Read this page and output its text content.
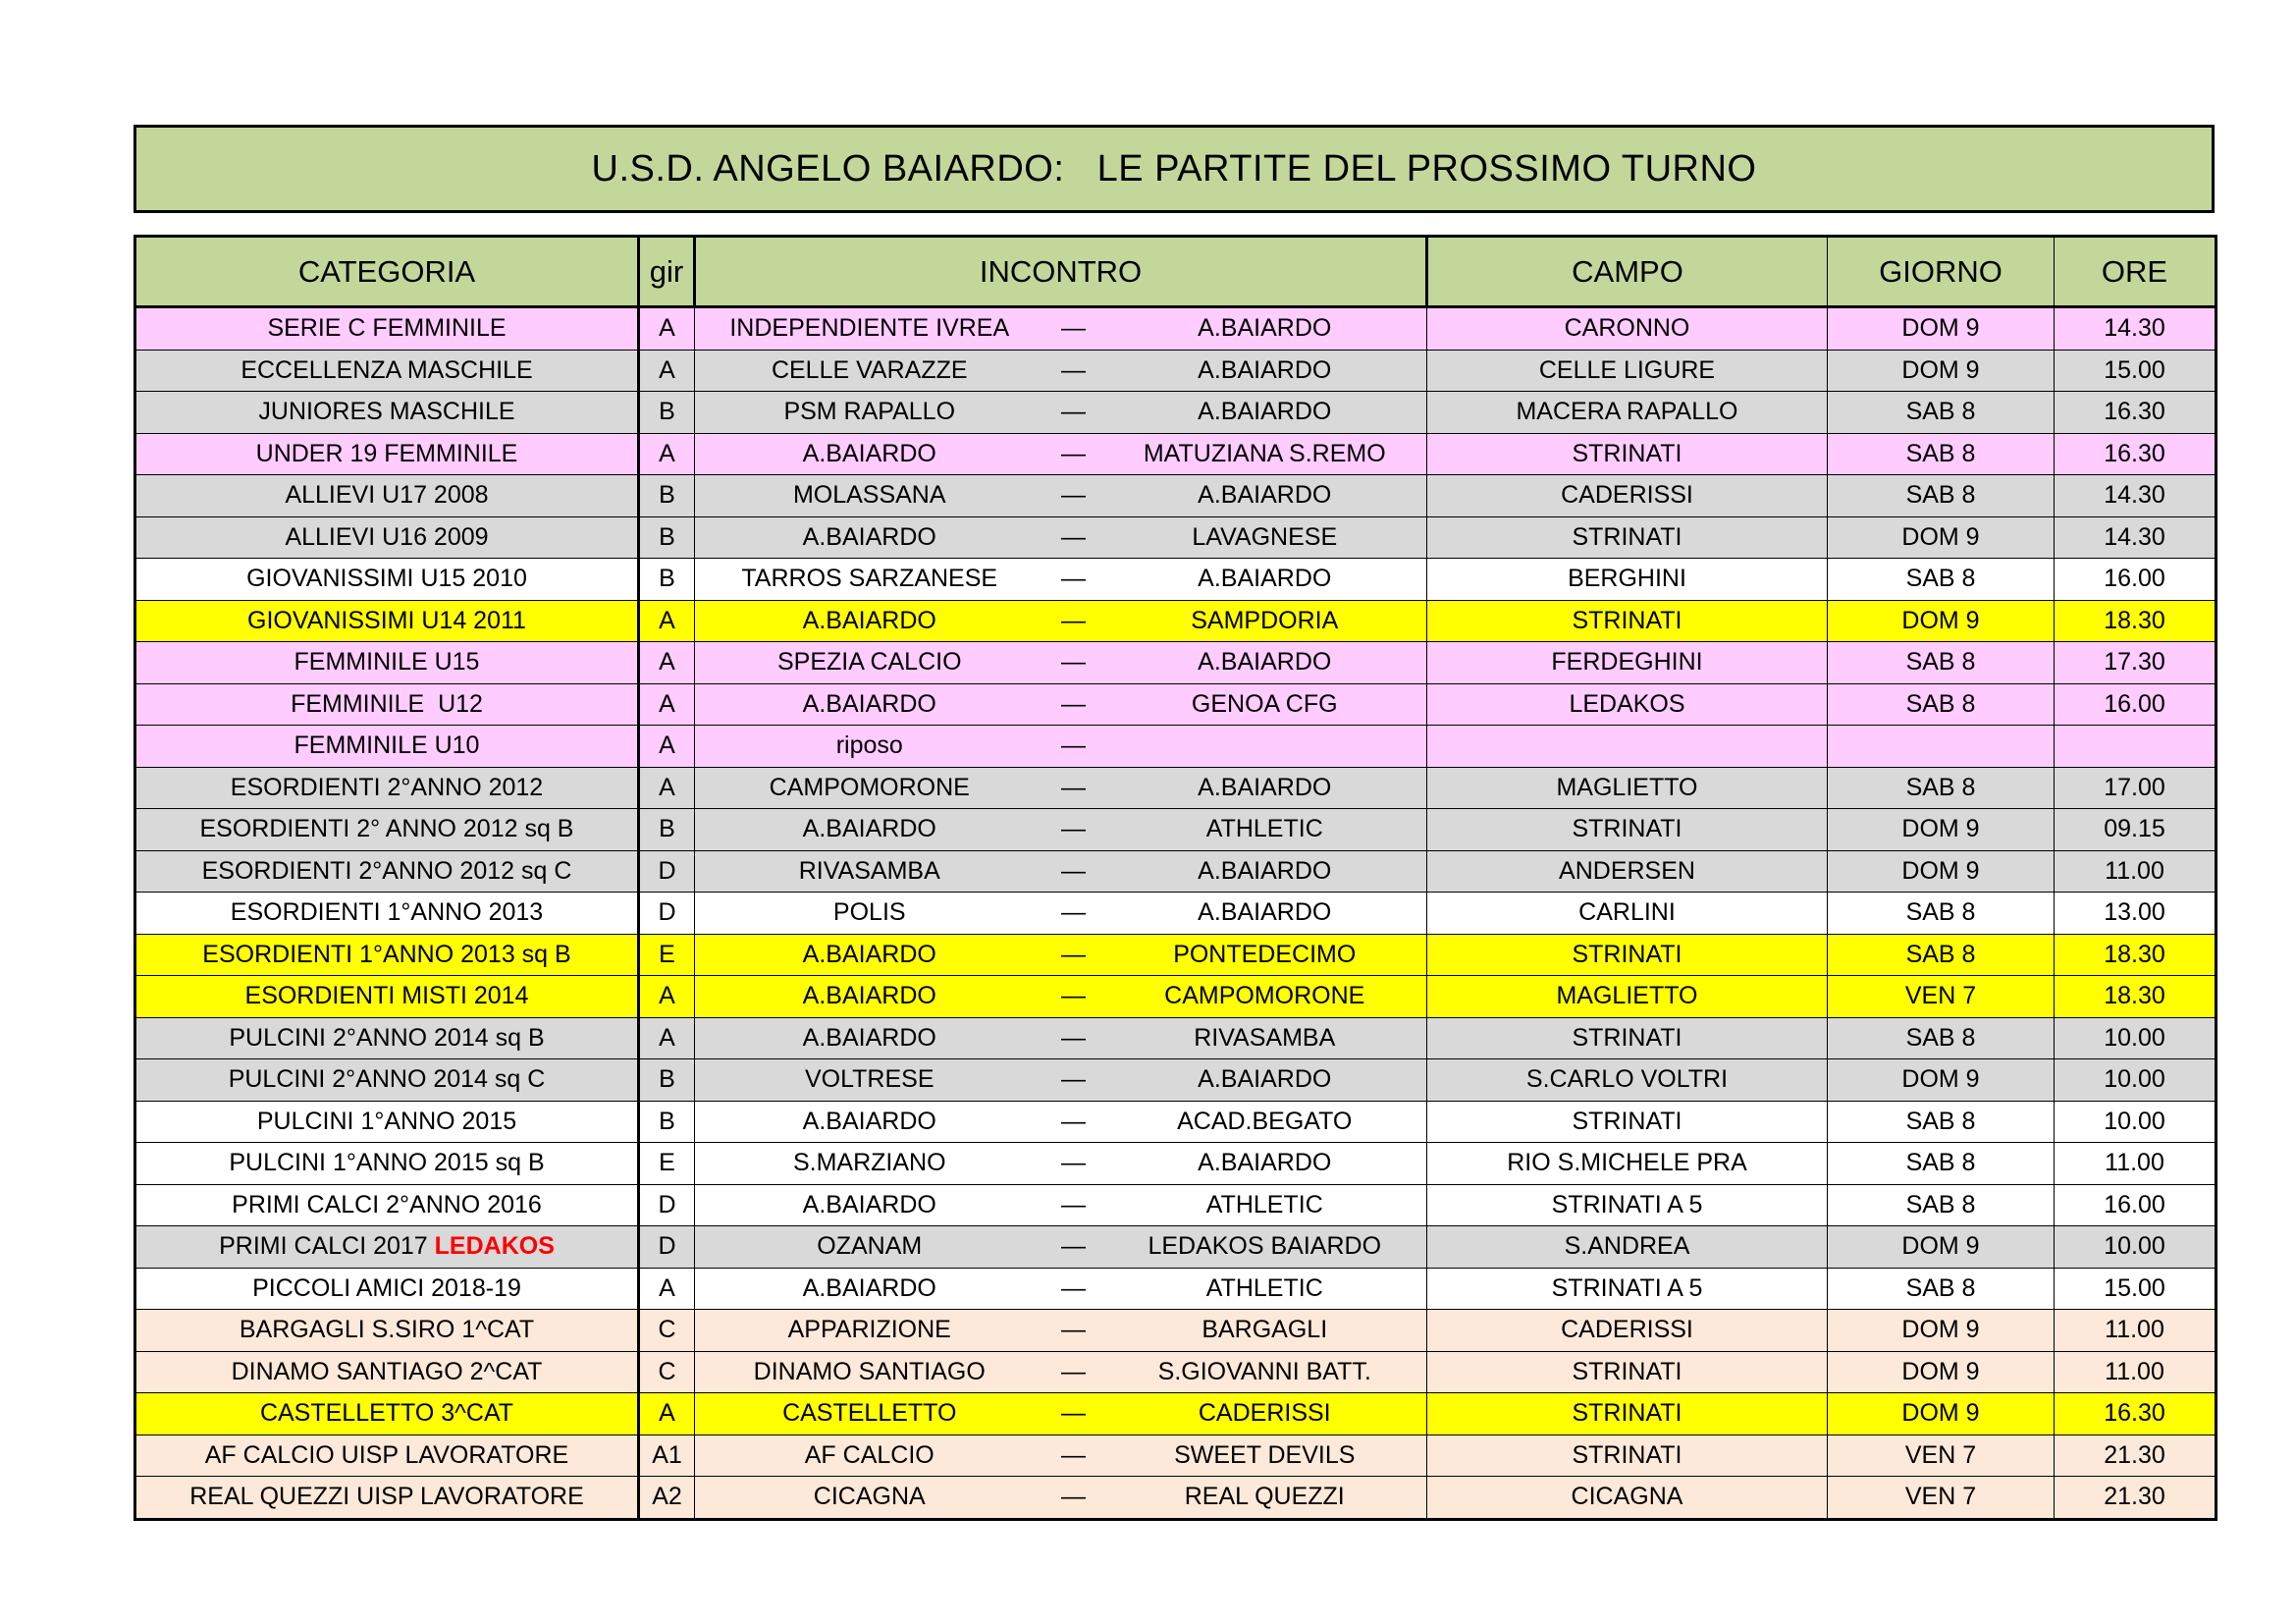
U.S.D. ANGELO BAIARDO:   LE PARTITE DEL PROSSIMO TURNO
CATEGORIA	gir	INCONTRO			CAMPO	GIORNO	ORE
SERIE C FEMMINILE	A	INDEPENDIENTE IVREA	—	A.BAIARDO	CARONNO	DOM 9	14.30
ECCELLENZA MASCHILE	A	CELLE VARAZZE	—	A.BAIARDO	CELLE LIGURE	DOM 9	15.00
JUNIORES MASCHILE	B	PSM RAPALLO	—	A.BAIARDO	MACERA RAPALLO	SAB 8	16.30
UNDER 19 FEMMINILE	A	A.BAIARDO	—	MATUZIANA S.REMO	STRINATI	SAB 8	16.30
ALLIEVI U17 2008	B	MOLASSANA	—	A.BAIARDO	CADERISSI	SAB 8	14.30
ALLIEVI U16 2009	B	A.BAIARDO	—	LAVAGNESE	STRINATI	DOM 9	14.30
GIOVANISSIMI U15 2010	B	TARROS SARZANESE	—	A.BAIARDO	BERGHINI	SAB 8	16.00
GIOVANISSIMI U14 2011	A	A.BAIARDO	—	SAMPDORIA	STRINATI	DOM 9	18.30
FEMMINILE U15	A	SPEZIA CALCIO	—	A.BAIARDO	FERDEGHINI	SAB 8	17.30
FEMMINILE  U12	A	A.BAIARDO	—	GENOA CFG	LEDAKOS	SAB 8	16.00
FEMMINILE U10	A	riposo	—				
ESORDIENTI 2°ANNO 2012	A	CAMPOMORONE	—	A.BAIARDO	MAGLIETTO	SAB 8	17.00
ESORDIENTI 2° ANNO 2012 sq B	B	A.BAIARDO	—	ATHLETIC	STRINATI	DOM 9	09.15
ESORDIENTI 2°ANNO 2012 sq C	D	RIVASAMBA	—	A.BAIARDO	ANDERSEN	DOM 9	11.00
ESORDIENTI 1°ANNO 2013	D	POLIS	—	A.BAIARDO	CARLINI	SAB 8	13.00
ESORDIENTI 1°ANNO 2013 sq B	E	A.BAIARDO	—	PONTEDECIMO	STRINATI	SAB 8	18.30
ESORDIENTI MISTI 2014	A	A.BAIARDO	—	CAMPOMORONE	MAGLIETTO	VEN 7	18.30
PULCINI 2°ANNO 2014 sq B	A	A.BAIARDO	—	RIVASAMBA	STRINATI	SAB 8	10.00
PULCINI 2°ANNO 2014 sq C	B	VOLTRESE	—	A.BAIARDO	S.CARLO VOLTRI	DOM 9	10.00
PULCINI 1°ANNO 2015	B	A.BAIARDO	—	ACAD.BEGATO	STRINATI	SAB 8	10.00
PULCINI 1°ANNO 2015 sq B	E	S.MARZIANO	—	A.BAIARDO	RIO S.MICHELE PRA	SAB 8	11.00
PRIMI CALCI 2°ANNO 2016	D	A.BAIARDO	—	ATHLETIC	STRINATI A 5	SAB 8	16.00
PRIMI CALCI 2017 LEDAKOS	D	OZANAM	—	LEDAKOS BAIARDO	S.ANDREA	DOM 9	10.00
PICCOLI AMICI 2018-19	A	A.BAIARDO	—	ATHLETIC	STRINATI A 5	SAB 8	15.00
BARGAGLI S.SIRO 1^CAT	C	APPARIZIONE	—	BARGAGLI	CADERISSI	DOM 9	11.00
DINAMO SANTIAGO 2^CAT	C	DINAMO SANTIAGO	—	S.GIOVANNI BATT.	STRINATI	DOM 9	11.00
CASTELLETTO 3^CAT	A	CASTELLETTO	—	CADERISSI	STRINATI	DOM 9	16.30
AF CALCIO UISP LAVORATORE	A1	AF CALCIO	—	SWEET DEVILS	STRINATI	VEN 7	21.30
REAL QUEZZI UISP LAVORATORE	A2	CICAGNA	—	REAL QUEZZI	CICAGNA	VEN 7	21.30
